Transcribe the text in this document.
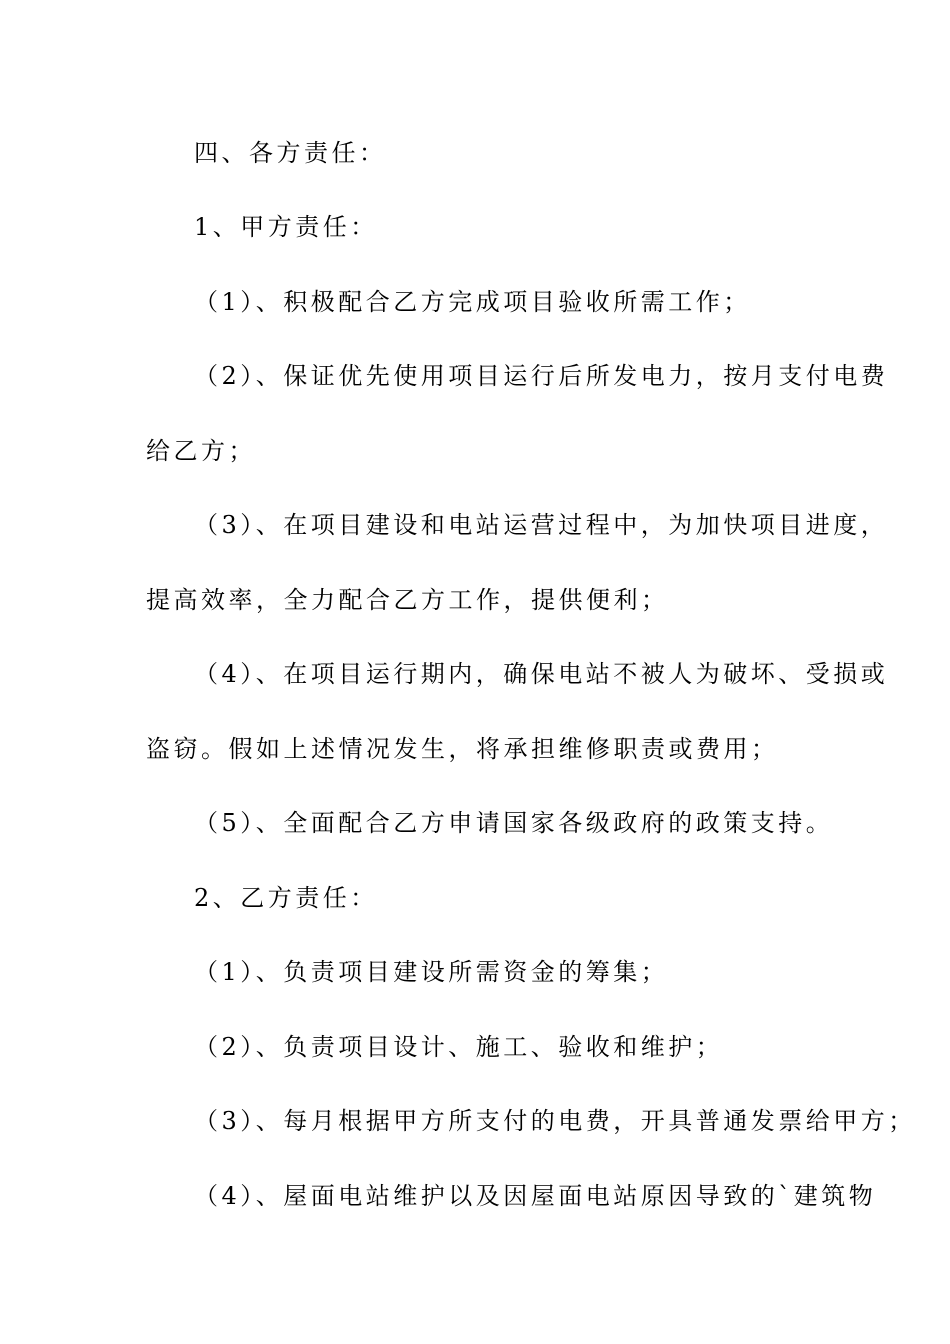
四、各方责任：
1、甲方责任：
（1）、积极配合乙方完成项目验收所需工作；
（2）、保证优先使用项目运行后所发电力，按月支付电费
给乙方；
（3）、在项目建设和电站运营过程中，为加快项目进度，
提高效率，全力配合乙方工作，提供便利；
（4）、在项目运行期内，确保电站不被人为破坏、受损或
盗窃。假如上述情况发生，将承担维修职责或费用；
（5）、全面配合乙方申请国家各级政府的政策支持。
2、乙方责任：
（1）、负责项目建设所需资金的筹集；
（2）、负责项目设计、施工、验收和维护；
（3）、每月根据甲方所支付的电费，开具普通发票给甲方；
（4）、屋面电站维护以及因屋面电站原因导致的`建筑物
